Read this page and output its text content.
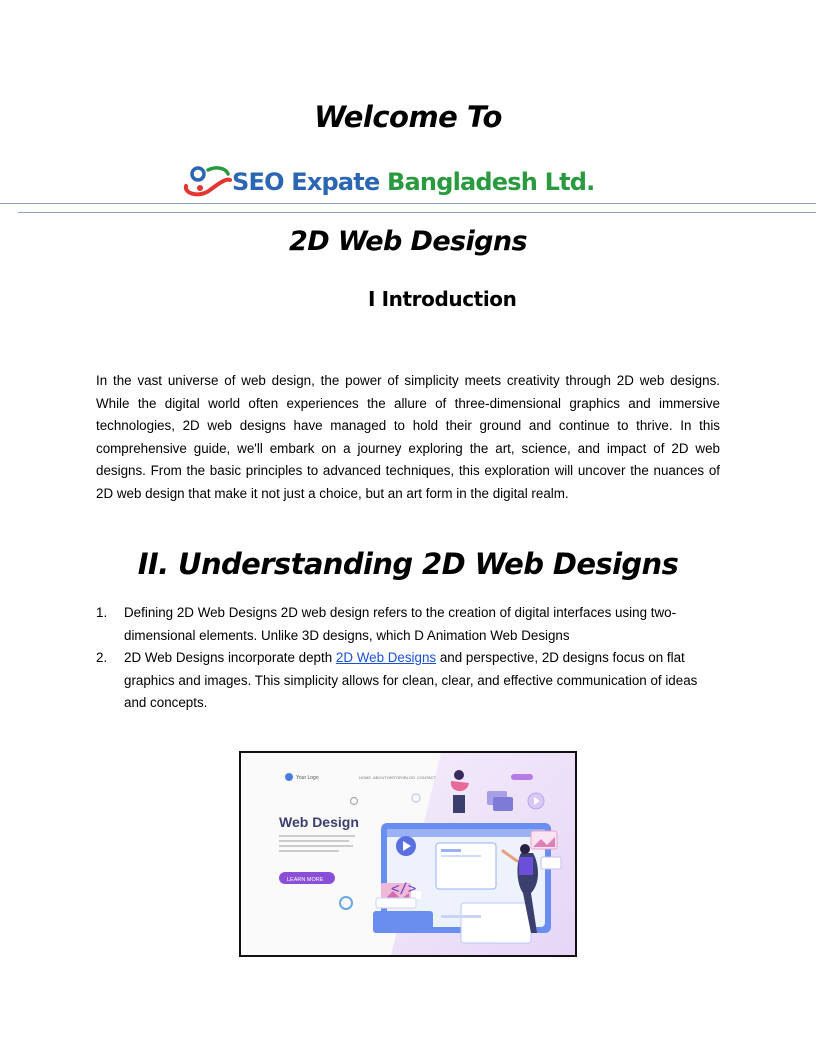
Welcome To
SEO Expate Bangladesh Ltd.
2D Web Designs
I Introduction

In the vast universe of web design, the power of simplicity meets creativity through 2D web designs. While the digital world often experiences the allure of three-dimensional graphics and immersive technologies, 2D web designs have managed to hold their ground and continue to thrive. In this comprehensive guide, we'll embark on a journey exploring the art, science, and impact of 2D web designs. From the basic principles to advanced techniques, this exploration will uncover the nuances of 2D web design that make it not just a choice, but an art form in the digital realm.

II. Understanding 2D Web Designs
1.	Defining 2D Web Designs 2D web design refers to the creation of digital interfaces using two-dimensional elements. Unlike 3D designs, which D Animation Web Designs
2.	2D Web Designs incorporate depth 2D Web Designs and perspective, 2D designs focus on flat graphics and images. This simplicity allows for clean, clear, and effective communication of ideas and concepts.
Your Logo	HOME ABOUT HISTORY BLOG CONTACT
Web Design
LEARN MORE
</>
